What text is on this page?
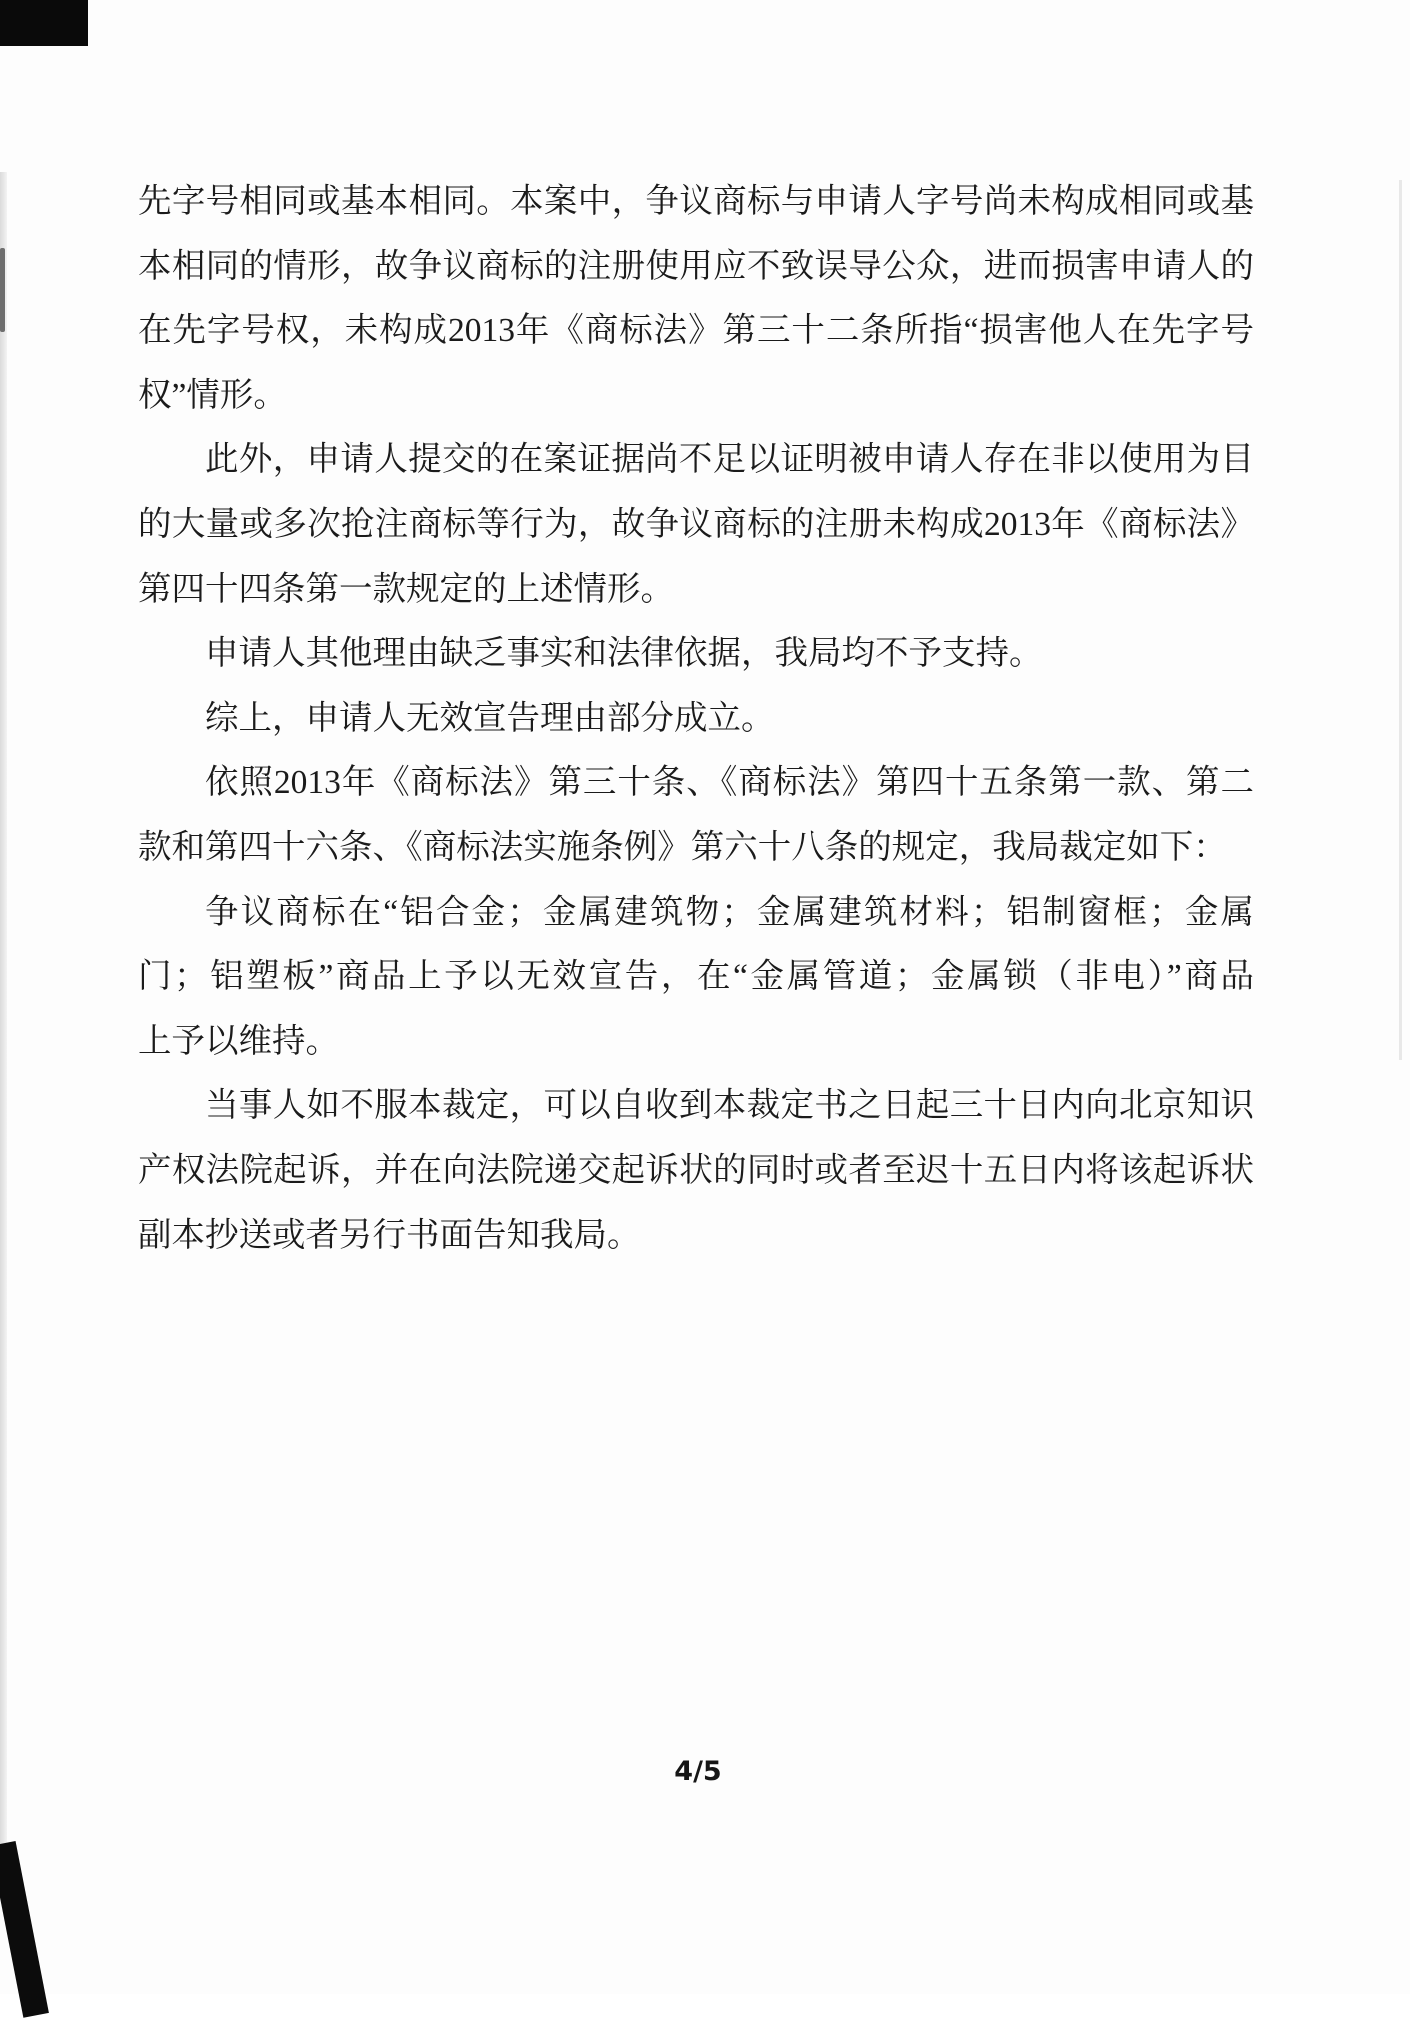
先字号相同或基本相同。本案中，争议商标与申请人字号尚未构成相同或基
本相同的情形，故争议商标的注册使用应不致误导公众，进而损害申请人的
在先字号权，未构成2013年《商标法》第三十二条所指“损害他人在先字号
权”情形。
此外，申请人提交的在案证据尚不足以证明被申请人存在非以使用为目
的大量或多次抢注商标等行为，故争议商标的注册未构成2013年《商标法》
第四十四条第一款规定的上述情形。
申请人其他理由缺乏事实和法律依据，我局均不予支持。
综上，申请人无效宣告理由部分成立。
依照2013年《商标法》第三十条、《商标法》第四十五条第一款、第二
款和第四十六条、《商标法实施条例》第六十八条的规定，我局裁定如下：
争议商标在“铝合金；金属建筑物；金属建筑材料；铝制窗框；金属
门；铝塑板”商品上予以无效宣告，在“金属管道；金属锁（非电）”商品
上予以维持。
当事人如不服本裁定，可以自收到本裁定书之日起三十日内向北京知识
产权法院起诉，并在向法院递交起诉状的同时或者至迟十五日内将该起诉状
副本抄送或者另行书面告知我局。
4/5
